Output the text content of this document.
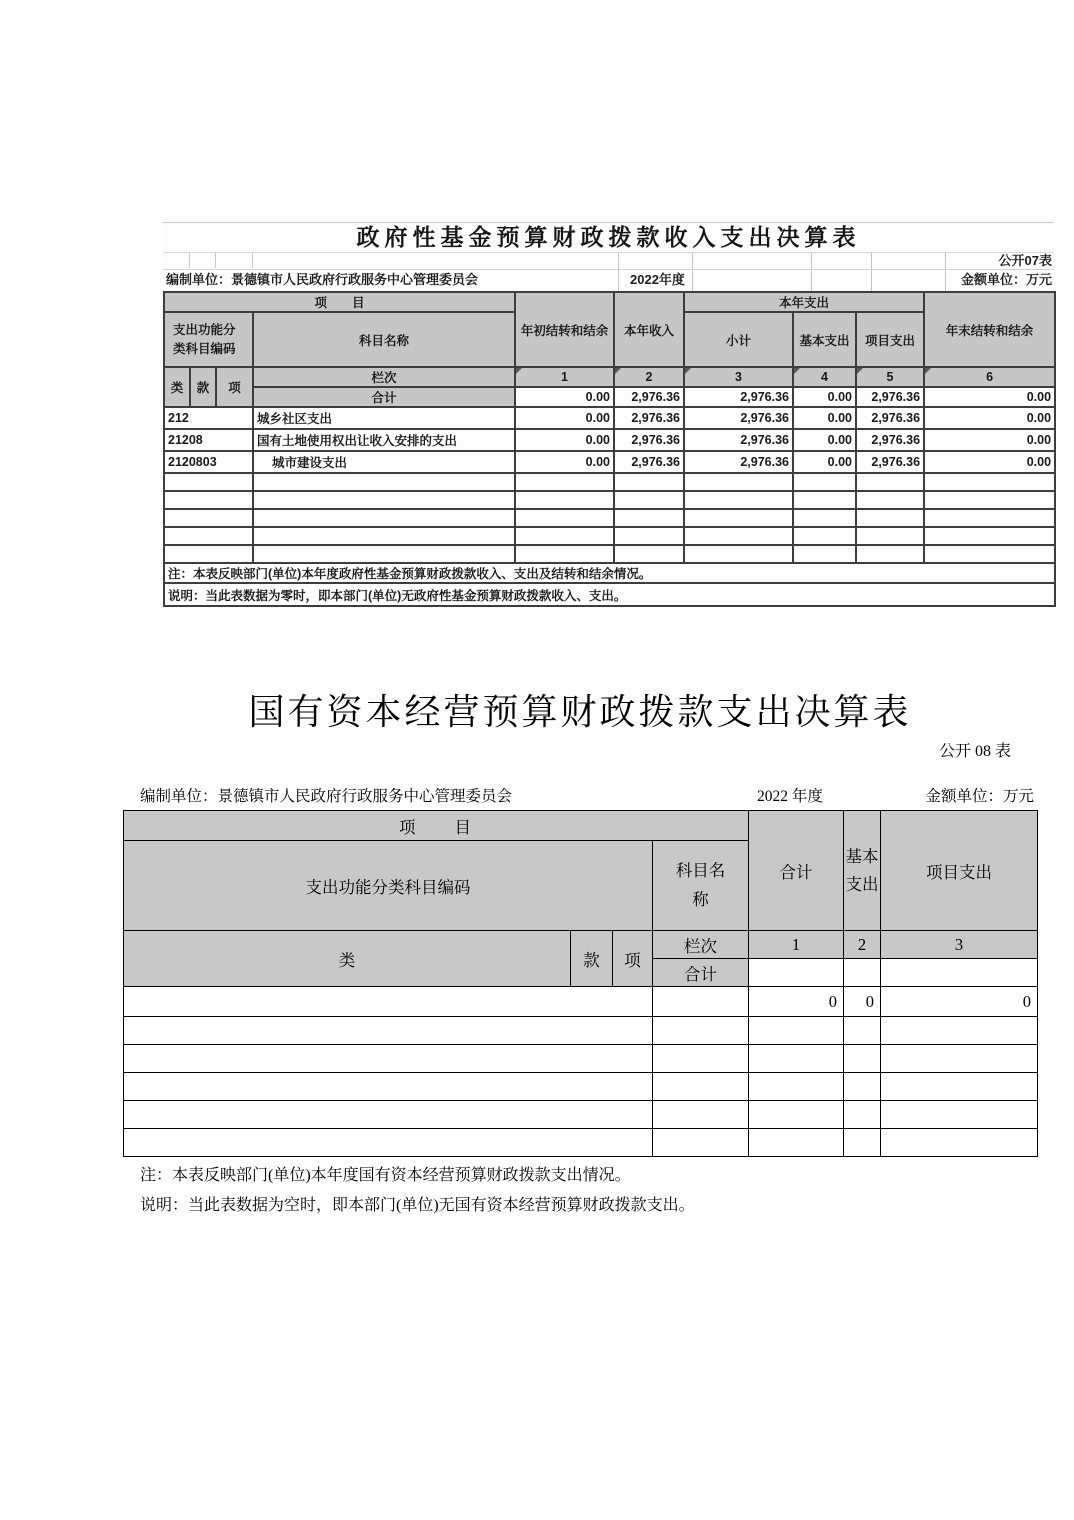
政府性基金预算财政拨款收入支出决算表
公开07表
编制单位：景德镇市人民政府行政服务中心管理委员会	2022年度	金额单位：万元
项　　目				年初结转和结余	本年收入	本年支出			年末结转和结余
支出功能分类科目编码			科目名称			小计	基本支出	项目支出	
类	款	项	栏次	1	2	3	4	5	6
			合计	0.00	2,976.36	2,976.36	0.00	2,976.36	0.00
212			城乡社区支出	0.00	2,976.36	2,976.36	0.00	2,976.36	0.00
21208			国有土地使用权出让收入安排的支出	0.00	2,976.36	2,976.36	0.00	2,976.36	0.00
2120803			城市建设支出	0.00	2,976.36	2,976.36	0.00	2,976.36	0.00

注：本表反映部门(单位)本年度政府性基金预算财政拨款收入、支出及结转和结余情况。									
说明：当此表数据为零时，即本部门(单位)无政府性基金预算财政拨款收入、支出。									
国有资本经营预算财政拨款支出决算表
公开 08 表
编制单位：景德镇市人民政府行政服务中心管理委员会	2022 年度	金额单位：万元
项　　目				合计	基本支出	项目支出
支出功能分类科目编码			科目名称			
类	款	项	栏次	1	2	3
			合计			
				0	0	0

注：本表反映部门(单位)本年度国有资本经营预算财政拨款支出情况。
说明：当此表数据为空时，即本部门(单位)无国有资本经营预算财政拨款支出。
